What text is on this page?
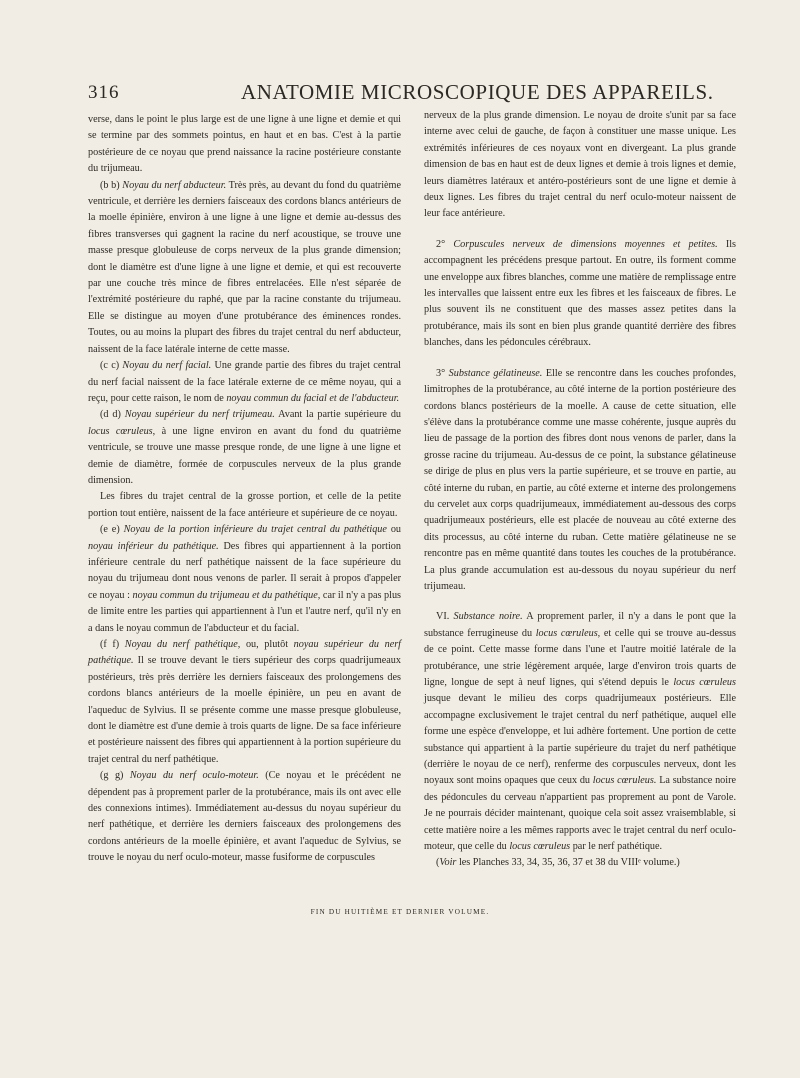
316	ANATOMIE MICROSCOPIQUE DES APPAREILS.

verse, dans le point le plus large est de une ligne à une ligne et demie et qui se termine par des sommets pointus, en haut et en bas. C'est à la partie postérieure de ce noyau que prend naissance la racine postérieure constante du trijumeau.

(b b) Noyau du nerf abducteur. Très près, au devant du fond du quatrième ventricule, et derrière les derniers faisceaux des cordons blancs antérieurs de la moelle épinière, environ à une ligne à une ligne et demie au-dessus des fibres transverses qui gagnent la racine du nerf acoustique, se trouve une masse presque globuleuse de corps nerveux de la plus grande dimension; dont le diamètre est d'une ligne à une ligne et demie, et qui est recouverte par une couche très mince de fibres entrelacées. Elle n'est séparée de l'extrémité postérieure du raphé, que par la racine constante du trijumeau. Elle se distingue au moyen d'une protubérance des éminences rondes. Toutes, ou au moins la plupart des fibres du trajet central du nerf abducteur, naissent de la face latérale interne de cette masse.

(c c) Noyau du nerf facial. Une grande partie des fibres du trajet central du nerf facial naissent de la face latérale externe de ce même noyau, qui a reçu, pour cette raison, le nom de noyau commun du facial et de l'abducteur.

(d d) Noyau supérieur du nerf trijumeau. Avant la partie supérieure du locus cœruleus, à une ligne environ en avant du fond du quatrième ventricule, se trouve une masse presque ronde, de une ligne à une ligne et demie de diamètre, formée de corpuscules nerveux de la plus grande dimension.

Les fibres du trajet central de la grosse portion, et celle de la petite portion tout entière, naissent de la face antérieure et supérieure de ce noyau.

(e e) Noyau de la portion inférieure du trajet central du pathétique ou noyau inférieur du pathétique. Des fibres qui appartiennent à la portion inférieure centrale du nerf pathétique naissent de la face supérieure du noyau du trijumeau dont nous venons de parler. Il serait à propos d'appeler ce noyau : noyau commun du trijumeau et du pathétique, car il n'y a pas plus de limite entre les parties qui appartiennent à l'un et l'autre nerf, qu'il n'y en a dans le noyau commun de l'abducteur et du facial.

(f f) Noyau du nerf pathétique, ou, plutôt noyau supérieur du nerf pathétique. Il se trouve devant le tiers supérieur des corps quadrijumeaux postérieurs, très près derrière les derniers faisceaux des prolongemens des cordons blancs antérieurs de la moelle épinière, un peu en avant de l'aqueduc de Sylvius. Il se présente comme une masse presque globuleuse, dont le diamètre est d'une demie à trois quarts de ligne. De sa face inférieure et postérieure naissent des fibres qui appartiennent à la portion supérieure du trajet central du nerf pathétique.

(g g) Noyau du nerf oculo-moteur. (Ce noyau et le précédent ne dépendent pas à proprement parler de la protubérance, mais ils ont avec elle des connexions intimes). Immédiatement au-dessus du noyau supérieur du nerf pathétique, et derrière les derniers faisceaux des prolongemens des cordons antérieurs de la moelle épinière, et avant l'aqueduc de Sylvius, se trouve le noyau du nerf oculo-moteur, masse fusiforme de corpuscules

nerveux de la plus grande dimension. Le noyau de droite s'unit par sa face interne avec celui de gauche, de façon à constituer une masse unique. Les extrémités inférieures de ces noyaux vont en divergeant. La plus grande dimension de bas en haut est de deux lignes et demie à trois lignes et demie, leurs diamètres latéraux et antéro-postérieurs sont de une ligne et demie à deux lignes. Les fibres du trajet central du nerf oculo-moteur naissent de leur face antérieure.

2° Corpuscules nerveux de dimensions moyennes et petites. Ils accompagnent les précédens presque partout. En outre, ils forment comme une enveloppe aux fibres blanches, comme une matière de remplissage entre les intervalles que laissent entre eux les fibres et les faisceaux de fibres. Le plus souvent ils ne constituent que des masses assez petites dans la protubérance, mais ils sont en bien plus grande quantité derrière des fibres blanches, dans les pédoncules cérébraux.

3° Substance gélatineuse. Elle se rencontre dans les couches profondes, limitrophes de la protubérance, au côté interne de la portion postérieure des cordons blancs postérieurs de la moelle. A cause de cette situation, elle s'élève dans la protubérance comme une masse cohérente, jusque auprès du lieu de passage de la portion des fibres dont nous venons de parler, dans la grosse racine du trijumeau. Au-dessus de ce point, la substance gélatineuse se dirige de plus en plus vers la partie supérieure, et se trouve en partie, au côté interne du ruban, en partie, au côté externe et interne des prolongemens du cervelet aux corps quadrijumeaux, immédiatement au-dessous des corps quadrijumeaux postérieurs, elle est placée de nouveau au côté externe des dits processus, au côté interne du ruban. Cette matière gélatineuse ne se rencontre pas en même quantité dans toutes les couches de la protubérance. La plus grande accumulation est au-dessous du noyau supérieur du nerf trijumeau.

VI. Substance noire. A proprement parler, il n'y a dans le pont que la substance ferrugineuse du locus cœruleus, et celle qui se trouve au-dessus de ce point. Cette masse forme dans l'une et l'autre moitié latérale de la protubérance, une strie légèrement arquée, large d'environ trois quarts de ligne, longue de sept à neuf lignes, qui s'étend depuis le locus cœruleus jusque devant le milieu des corps quadrijumeaux postérieurs. Elle accompagne exclusivement le trajet central du nerf pathétique, auquel elle forme une espèce d'enveloppe, et lui adhère fortement. Une portion de cette substance qui appartient à la partie supérieure du trajet du nerf pathétique (derrière le noyau de ce nerf), renferme des corpuscules nerveux, dont les noyaux sont moins opaques que ceux du locus cœruleus. La substance noire des pédoncules du cerveau n'appartient pas proprement au pont de Varole. Je ne pourrais décider maintenant, quoique cela soit assez vraisemblable, si cette matière noire a les mêmes rapports avec le trajet central du nerf oculo-moteur, que celle du locus cœruleus par le nerf pathétique.

(Voir les Planches 33, 34, 35, 36, 37 et 38 du VIIIᵉ volume.)

FIN DU HUITIÈME ET DERNIER VOLUME.
